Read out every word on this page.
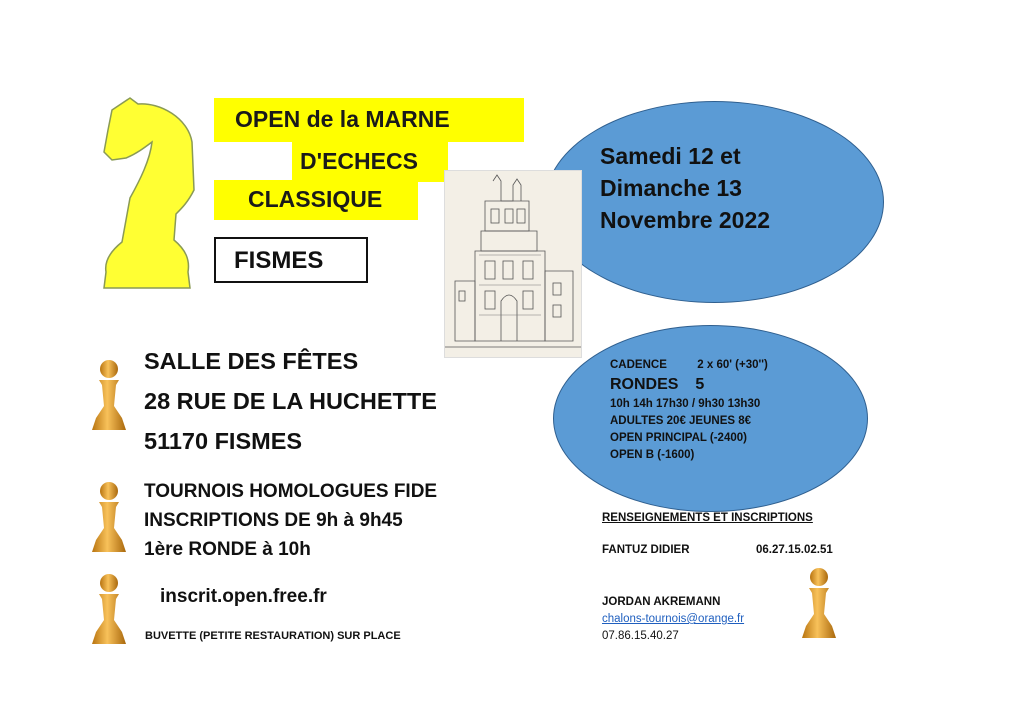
OPEN de la MARNE
D'ECHECS
CLASSIQUE
FISMES
Samedi 12 et
Dimanche 13
Novembre 2022
CADENCE	2 x 60' (+30'')
RONDES 5
10h 14h 17h30 / 9h30 13h30
ADULTES 20€ JEUNES 8€
OPEN PRINCIPAL (-2400)
OPEN B (-1600)
SALLE DES FÊTES
28 RUE DE LA HUCHETTE
51170 FISMES
TOURNOIS HOMOLOGUES FIDE
INSCRIPTIONS DE 9h à 9h45
1ère RONDE à 10h
inscrit.open.free.fr
BUVETTE (PETITE RESTAURATION) SUR PLACE
RENSEIGNEMENTS ET INSCRIPTIONS
FANTUZ DIDIER	06.27.15.02.51
JORDAN AKREMANN
chalons-tournois@orange.fr
07.86.15.40.27
